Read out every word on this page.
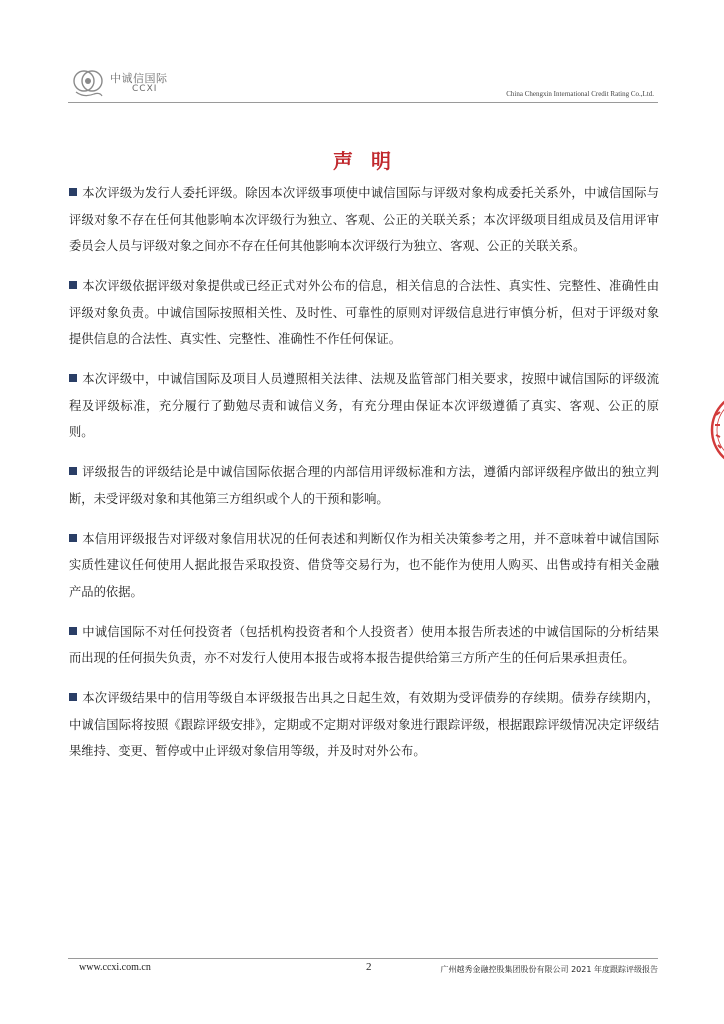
中诚信国际
CCXI	China Chengxin International Credit Rating Co.,Ltd.
声明

本次评级为发行人委托评级。除因本次评级事项使中诚信国际与评级对象构成委托关系外，中诚信国际与评级对象不存在任何其他影响本次评级行为独立、客观、公正的关联关系；本次评级项目组成员及信用评审委员会人员与评级对象之间亦不存在任何其他影响本次评级行为独立、客观、公正的关联关系。

本次评级依据评级对象提供或已经正式对外公布的信息，相关信息的合法性、真实性、完整性、准确性由评级对象负责。中诚信国际按照相关性、及时性、可靠性的原则对评级信息进行审慎分析，但对于评级对象提供信息的合法性、真实性、完整性、准确性不作任何保证。

本次评级中，中诚信国际及项目人员遵照相关法律、法规及监管部门相关要求，按照中诚信国际的评级流程及评级标准，充分履行了勤勉尽责和诚信义务，有充分理由保证本次评级遵循了真实、客观、公正的原则。

评级报告的评级结论是中诚信国际依据合理的内部信用评级标准和方法，遵循内部评级程序做出的独立判断，未受评级对象和其他第三方组织或个人的干预和影响。

本信用评级报告对评级对象信用状况的任何表述和判断仅作为相关决策参考之用，并不意味着中诚信国际实质性建议任何使用人据此报告采取投资、借贷等交易行为，也不能作为使用人购买、出售或持有相关金融产品的依据。

中诚信国际不对任何投资者（包括机构投资者和个人投资者）使用本报告所表述的中诚信国际的分析结果而出现的任何损失负责，亦不对发行人使用本报告或将本报告提供给第三方所产生的任何后果承担责任。

本次评级结果中的信用等级自本评级报告出具之日起生效，有效期为受评债券的存续期。债券存续期内，中诚信国际将按照《跟踪评级安排》，定期或不定期对评级对象进行跟踪评级，根据跟踪评级情况决定评级结果维持、变更、暂停或中止评级对象信用等级，并及时对外公布。

www.ccxi.com.cn	2	广州越秀金融控股集团股份有限公司 2021 年度跟踪评级报告
